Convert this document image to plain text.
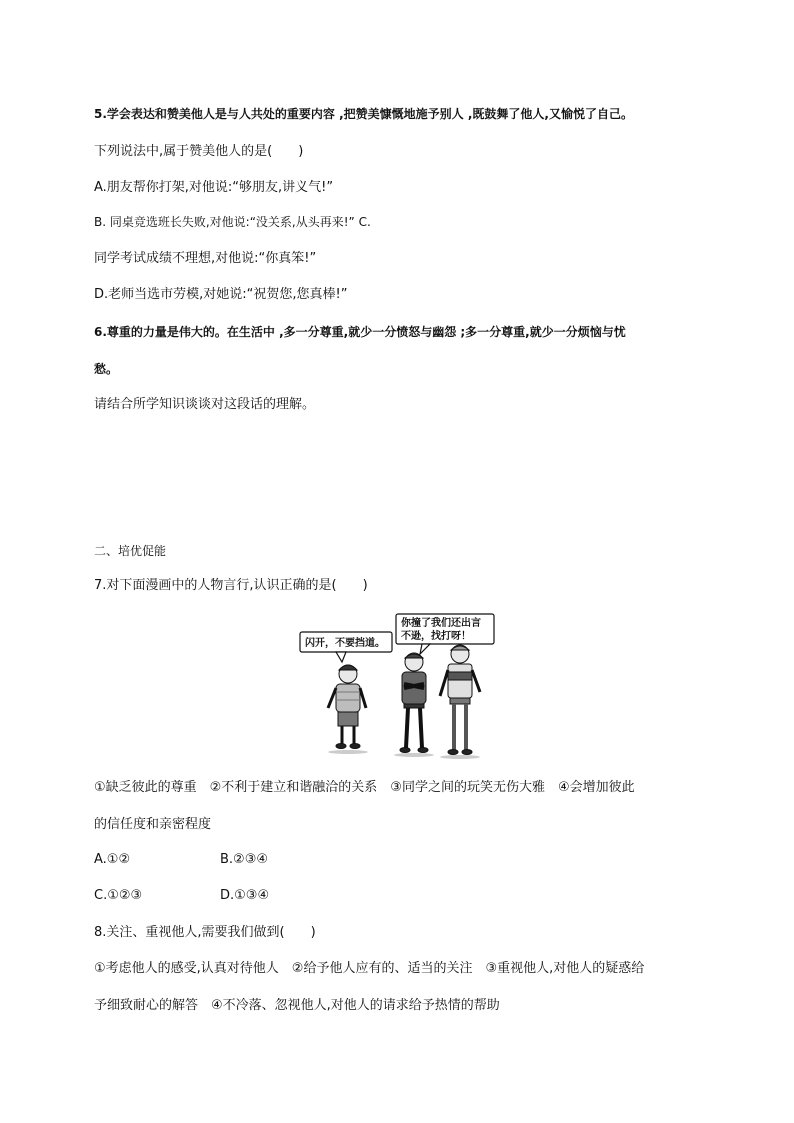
5.学会表达和赞美他人是与人共处的重要内容 ,把赞美慷慨地施予别人 ,既鼓舞了他人,又愉悦了自己。
下列说法中,属于赞美他人的是(　　)
A.朋友帮你打架,对他说:“够朋友,讲义气!”
B. 同桌竞选班长失败,对他说:“没关系,从头再来!” C.
同学考试成绩不理想,对他说:“你真笨!”
D.老师当选市劳模,对她说:“祝贺您,您真棒!”
6.尊重的力量是伟大的。在生活中 ,多一分尊重,就少一分愤怒与幽怨 ;多一分尊重,就少一分烦恼与忧
愁。
请结合所学知识谈谈对这段话的理解。
二、培优促能
7.对下面漫画中的人物言行,认识正确的是(　　)
闪开，不要挡道。
你撞了我们还出言
不逊，找打呀！
①缺乏彼此的尊重　②不利于建立和谐融洽的关系　③同学之间的玩笑无伤大雅　④会增加彼此
的信任度和亲密程度
A.①②	B.②③④
C.①②③	D.①③④
8.关注、重视他人,需要我们做到(　　)
①考虑他人的感受,认真对待他人　②给予他人应有的、适当的关注　③重视他人,对他人的疑惑给
予细致耐心的解答　④不冷落、忽视他人,对他人的请求给予热情的帮助
